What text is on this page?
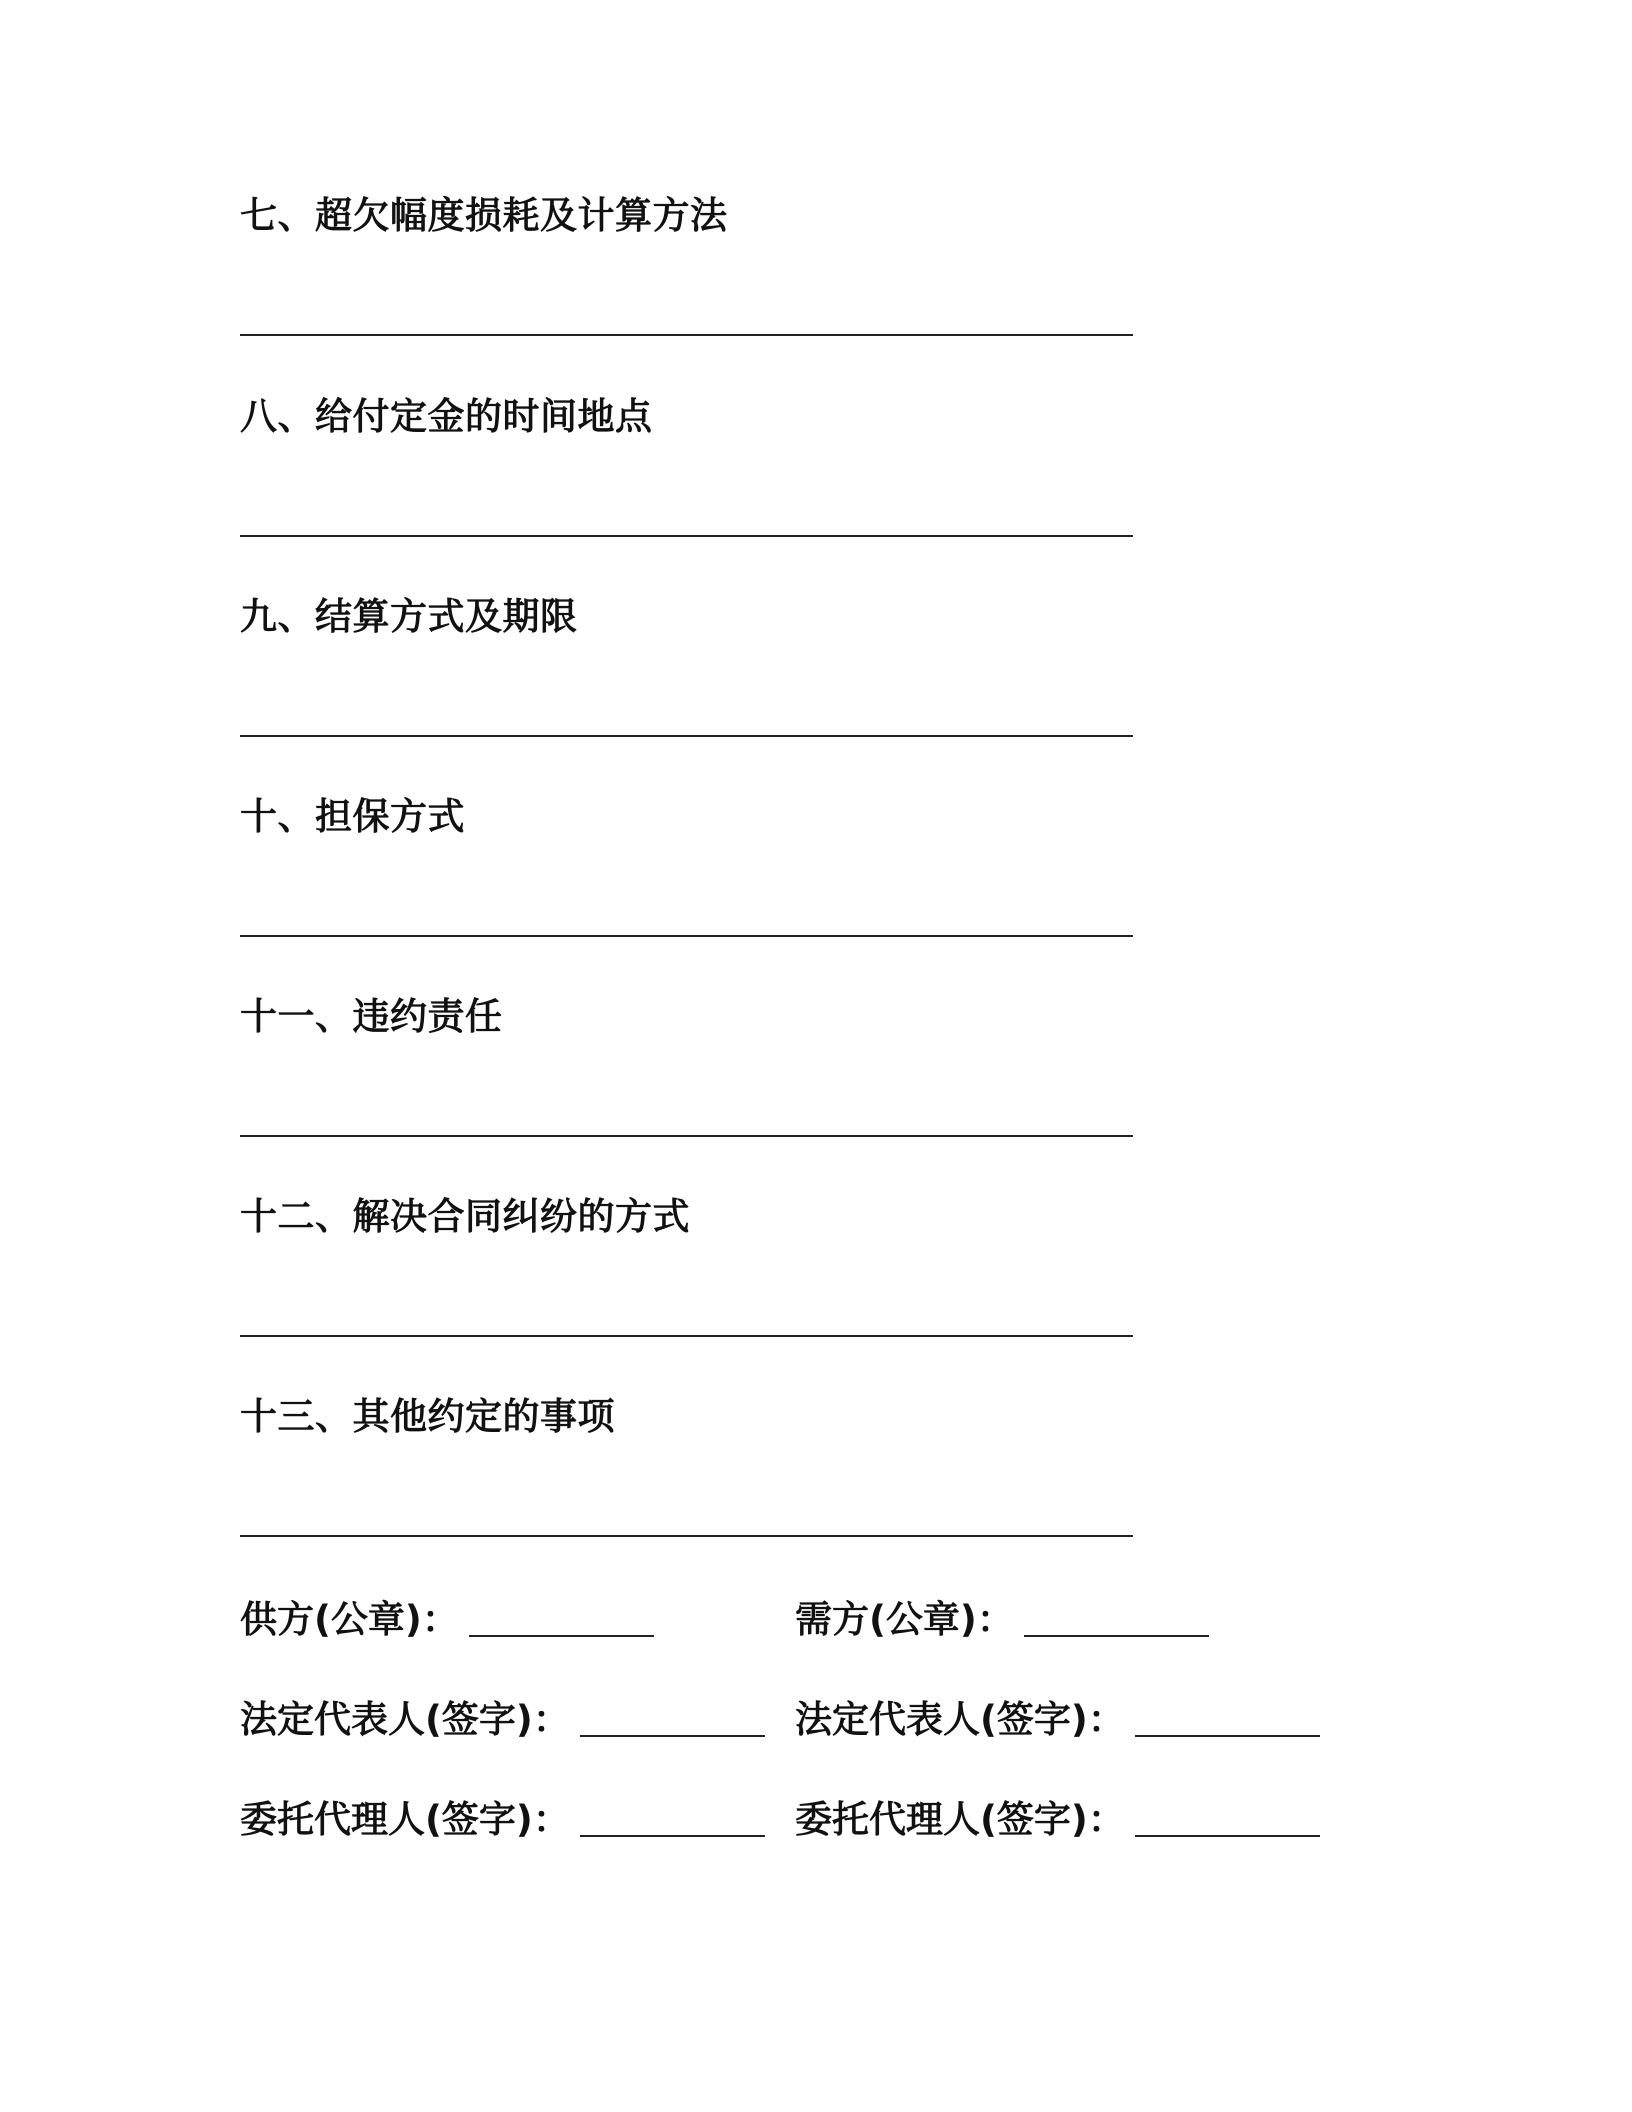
七、超欠幅度损耗及计算方法
八、给付定金的时间地点
九、结算方式及期限
十、担保方式
十一、违约责任
十二、解决合同纠纷的方式
十三、其他约定的事项
供方(公章)：	需方(公章)：
法定代表人(签字)：	法定代表人(签字)：
委托代理人(签字)：	委托代理人(签字)：
